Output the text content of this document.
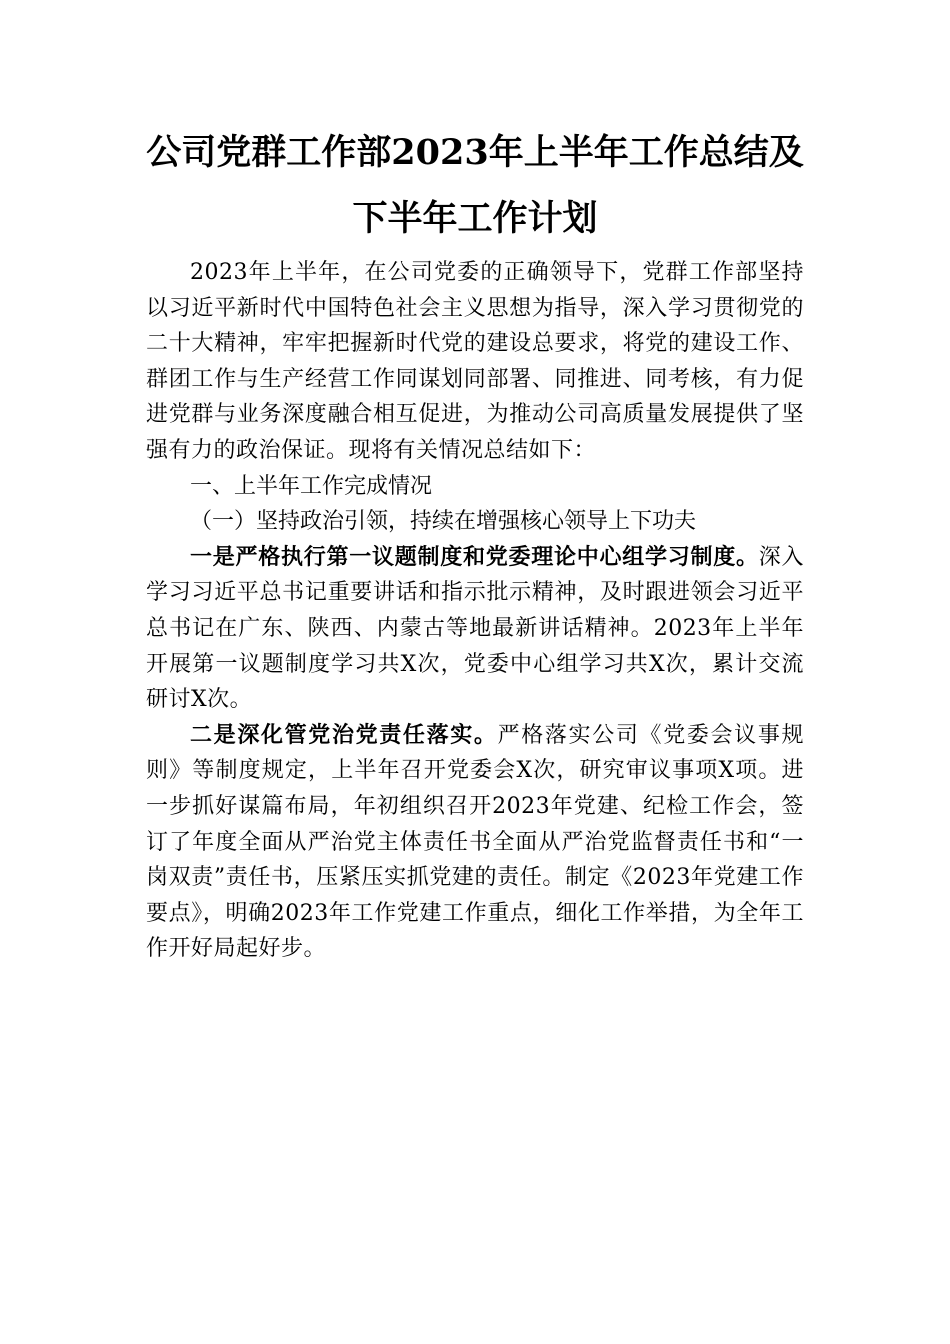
公司党群工作部2023年上半年工作总结及
下半年工作计划

2023年上半年，在公司党委的正确领导下，党群工作部坚持以习近平新时代中国特色社会主义思想为指导，深入学习贯彻党的二十大精神，牢牢把握新时代党的建设总要求，将党的建设工作、群团工作与生产经营工作同谋划同部署、同推进、同考核，有力促进党群与业务深度融合相互促进，为推动公司高质量发展提供了坚强有力的政治保证。现将有关情况总结如下：

一、上半年工作完成情况

（一）坚持政治引领，持续在增强核心领导上下功夫

一是严格执行第一议题制度和党委理论中心组学习制度。深入学习习近平总书记重要讲话和指示批示精神，及时跟进领会习近平总书记在广东、陕西、内蒙古等地最新讲话精神。2023年上半年开展第一议题制度学习共X次，党委中心组学习共X次，累计交流研讨X次。

二是深化管党治党责任落实。严格落实公司《党委会议事规则》等制度规定，上半年召开党委会X次，研究审议事项X项。进一步抓好谋篇布局，年初组织召开2023年党建、纪检工作会，签订了年度全面从严治党主体责任书全面从严治党监督责任书和“一岗双责”责任书，压紧压实抓党建的责任。制定《2023年党建工作要点》，明确2023年工作党建工作重点，细化工作举措，为全年工作开好局起好步。
